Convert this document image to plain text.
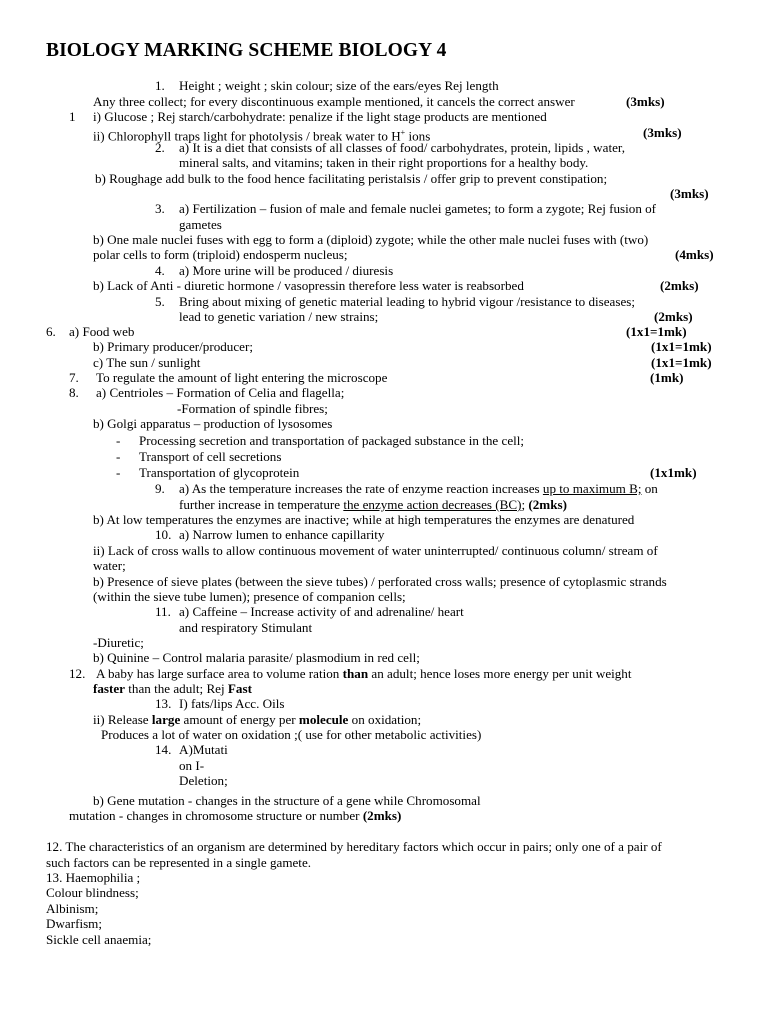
BIOLOGY MARKING SCHEME BIOLOGY 4
1. Height ; weight ; skin colour; size of the ears/eyes Rej length
Any three collect; for every discontinuous example mentioned, it cancels the correct answer	(3mks)
1 i) Glucose ; Rej starch/carbohydrate: penalize if the light stage products are mentioned
ii) Chlorophyll traps light for photolysis / break water to H+ ions	(3mks)
2. a) It is a diet that consists of all classes of food/ carbohydrates, protein, lipids , water,
mineral salts, and vitamins; taken in their right proportions for a healthy body.
b) Roughage add bulk to the food hence facilitating peristalsis / offer grip to prevent constipation;
(3mks)
3. a) Fertilization – fusion of male and female nuclei gametes; to form a zygote; Rej fusion of
gametes
b) One male nuclei fuses with egg to form a (diploid) zygote; while the other male nuclei fuses with (two)
polar cells to form (triploid) endosperm nucleus;	(4mks)
4. a) More urine will be produced / diuresis
b) Lack of Anti - diuretic hormone / vasopressin therefore less water is reabsorbed	(2mks)
5. Bring about mixing of genetic material leading to hybrid vigour /resistance to diseases;
lead to genetic variation / new strains;	(2mks)
6. a) Food web	(1x1=1mk)
b) Primary producer/producer;	(1x1=1mk)
c) The sun / sunlight	(1x1=1mk)
7. To regulate the amount of light entering the microscope	(1mk)
8. a) Centrioles – Formation of Celia and flagella;
-Formation of spindle fibres;
b) Golgi apparatus – production of lysosomes
- Processing secretion and transportation of packaged substance in the cell;
- Transport of cell secretions
- Transportation of glycoprotein	(1x1mk)
9. a) As the temperature increases the rate of enzyme reaction increases up to maximum B; on
further increase in temperature the enzyme action decreases (BC); (2mks)
b) At low temperatures the enzymes are inactive; while at high temperatures the enzymes are denatured
10. a) Narrow lumen to enhance capillarity
ii) Lack of cross walls to allow continuous movement of water uninterrupted/ continuous column/ stream of
water;
b) Presence of sieve plates (between the sieve tubes) / perforated cross walls; presence of cytoplasmic strands
(within the sieve tube lumen); presence of companion cells;
11. a) Caffeine – Increase activity of and adrenaline/ heart
and respiratory Stimulant
-Diuretic;
b) Quinine – Control malaria parasite/ plasmodium in red cell;
12. A baby has large surface area to volume ration than an adult; hence loses more energy per unit weight
faster than the adult; Rej Fast
13. I) fats/lips Acc. Oils
ii) Release large amount of energy per molecule on oxidation;
Produces a lot of water on oxidation ;( use for other metabolic activities)
14. A)Mutati
on I-
Deletion;
b) Gene mutation - changes in the structure of a gene while Chromosomal
mutation - changes in chromosome structure or number (2mks)
12. The characteristics of an organism are determined by hereditary factors which occur in pairs; only one of a pair of
such factors can be represented in a single gamete.
13. Haemophilia ;
Colour blindness;
Albinism;
Dwarfism;
Sickle cell anaemia;
